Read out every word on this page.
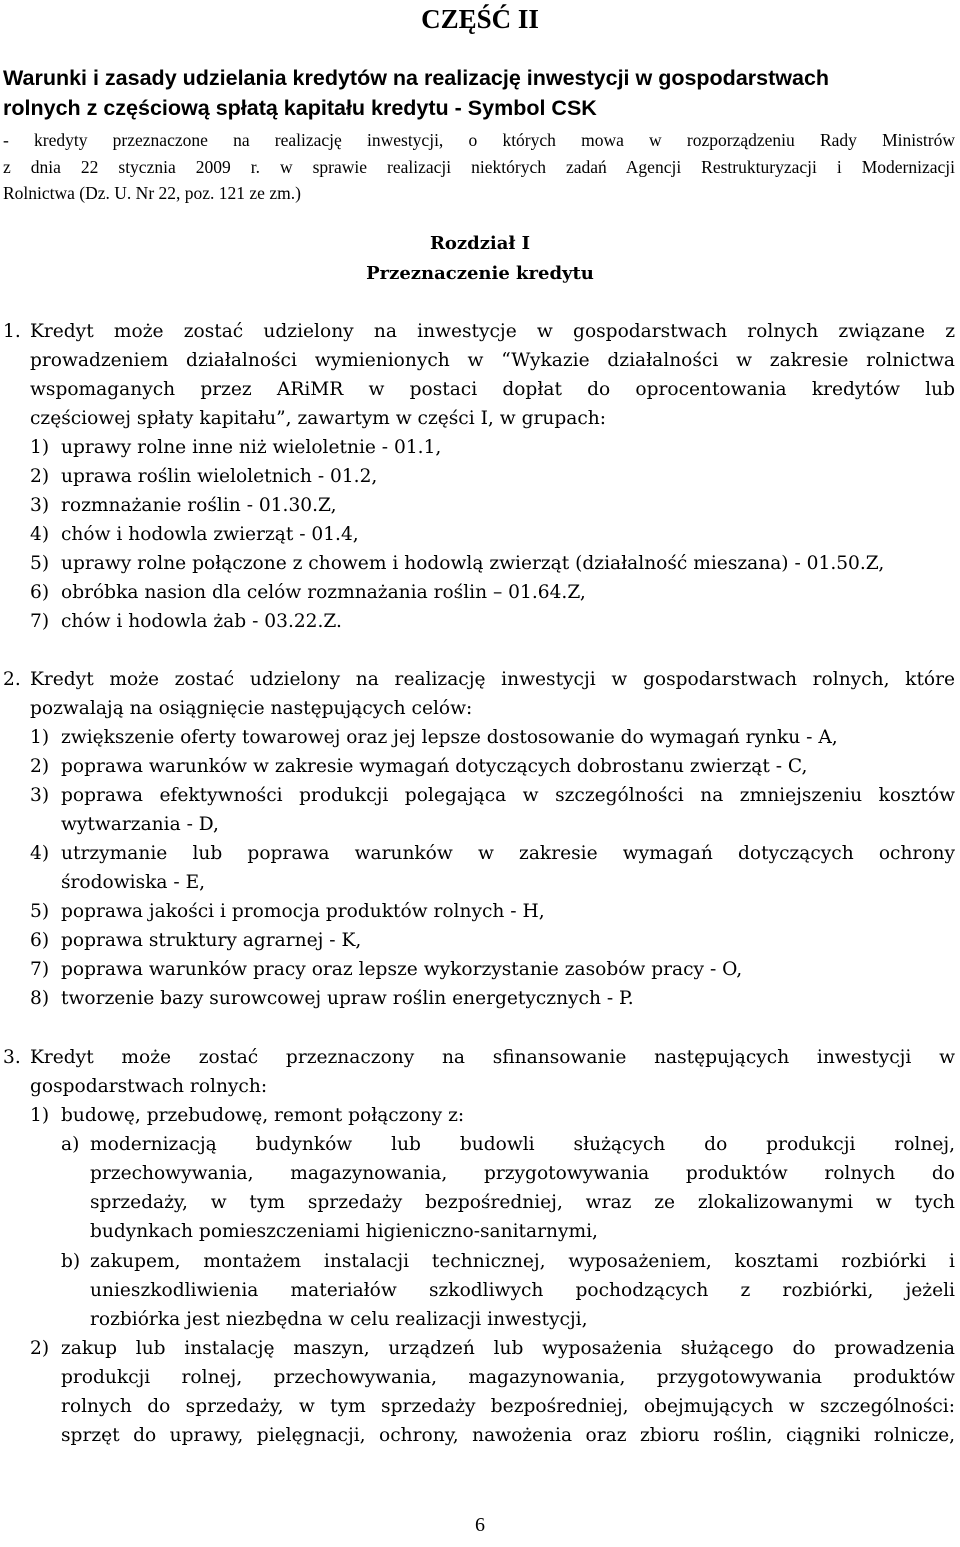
CZĘŚĆ II
Warunki i zasady udzielania kredytów na realizację inwestycji w gospodarstwach
rolnych z częściową spłatą kapitału kredytu - Symbol CSK
- kredyty przeznaczone na realizację inwestycji, o których mowa w rozporządzeniu Rady Ministrów
z dnia 22 stycznia 2009 r. w sprawie realizacji niektórych zadań Agencji Restrukturyzacji i Modernizacji
Rolnictwa (Dz. U. Nr 22, poz. 121 ze zm.)
Rozdział I
Przeznaczenie kredytu
1. Kredyt może zostać udzielony na inwestycje w gospodarstwach rolnych związane z
prowadzeniem działalności wymienionych w “Wykazie działalności w zakresie rolnictwa
wspomaganych przez ARiMR w postaci dopłat do oprocentowania kredytów lub
częściowej spłaty kapitału”, zawartym w części I, w grupach:
1) uprawy rolne inne niż wieloletnie - 01.1,
2) uprawa roślin wieloletnich - 01.2,
3) rozmnażanie roślin - 01.30.Z,
4) chów i hodowla zwierząt - 01.4,
5) uprawy rolne połączone z chowem i hodowlą zwierząt (działalność mieszana) - 01.50.Z,
6) obróbka nasion dla celów rozmnażania roślin – 01.64.Z,
7) chów i hodowla żab - 03.22.Z.
2. Kredyt może zostać udzielony na realizację inwestycji w gospodarstwach rolnych, które
pozwalają na osiągnięcie następujących celów:
1) zwiększenie oferty towarowej oraz jej lepsze dostosowanie do wymagań rynku - A,
2) poprawa warunków w zakresie wymagań dotyczących dobrostanu zwierząt - C,
3) poprawa efektywności produkcji polegająca w szczególności na zmniejszeniu kosztów
wytwarzania - D,
4) utrzymanie lub poprawa warunków w zakresie wymagań dotyczących ochrony
środowiska - E,
5) poprawa jakości i promocja produktów rolnych - H,
6) poprawa struktury agrarnej - K,
7) poprawa warunków pracy oraz lepsze wykorzystanie zasobów pracy - O,
8) tworzenie bazy surowcowej upraw roślin energetycznych - P.
3. Kredyt może zostać przeznaczony na sfinansowanie następujących inwestycji w
gospodarstwach rolnych:
1) budowę, przebudowę, remont połączony z:
a) modernizacją budynków lub budowli służących do produkcji rolnej,
przechowywania, magazynowania, przygotowywania produktów rolnych do
sprzedaży, w tym sprzedaży bezpośredniej, wraz ze zlokalizowanymi w tych
budynkach pomieszczeniami higieniczno-sanitarnymi,
b) zakupem, montażem instalacji technicznej, wyposażeniem, kosztami rozbiórki i
unieszkodliwienia materiałów szkodliwych pochodzących z rozbiórki, jeżeli
rozbiórka jest niezbędna w celu realizacji inwestycji,
2) zakup lub instalację maszyn, urządzeń lub wyposażenia służącego do prowadzenia
produkcji rolnej, przechowywania, magazynowania, przygotowywania produktów
rolnych do sprzedaży, w tym sprzedaży bezpośredniej, obejmujących w szczególności:
sprzęt do uprawy, pielęgnacji, ochrony, nawożenia oraz zbioru roślin, ciągniki rolnicze,
6
